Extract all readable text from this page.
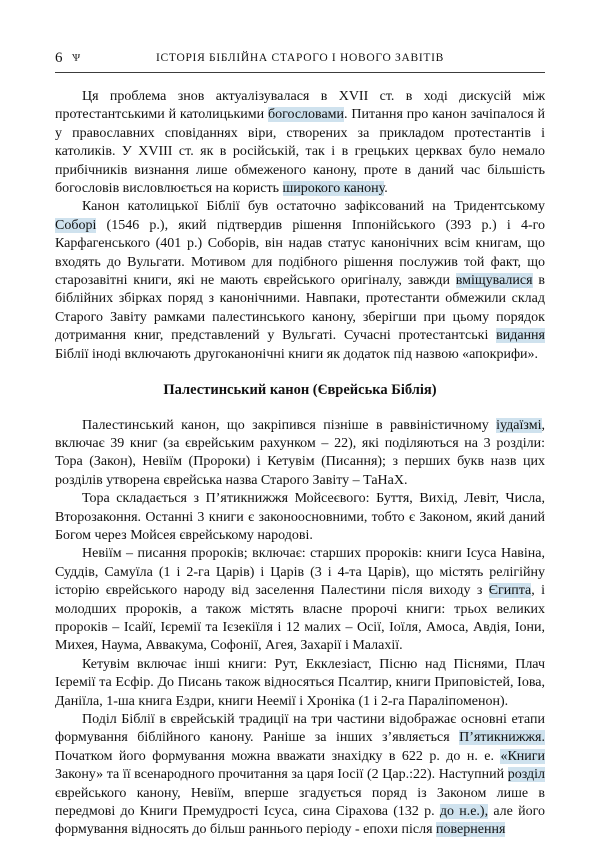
6 Ѱ	ІСТОРІЯ БІБЛІЙНА СТАРОГО І НОВОГО ЗАВІТІВ

Ця проблема знов актуалізувалася в XVII ст. в ході дискусій між протестантськими й католицькими богословами. Питання про канон зачіпалося й у православних сповіданнях віри, створених за прикладом протестантів і католиків. У XVIII ст. як в російській, так і в грецьких церквах було немало прибічників визнання лише обмеженого канону, проте в даний час більшість богословів висловлюється на користь широкого канону.

Канон католицької Біблії був остаточно зафіксований на Тридентському Соборі (1546 р.), який підтвердив рішення Іппонійського (393 р.) і 4-го Карфагенського (401 р.) Соборів, він надав статус канонічних всім книгам, що входять до Вульгати. Мотивом для подібного рішення послужив той факт, що старозавітні книги, які не мають єврейського оригіналу, завжди вміщувалися в біблійних збірках поряд з канонічними. Навпаки, протестанти обмежили склад Старого Завіту рамками палестинського канону, зберігши при цьому порядок дотримання книг, представлений у Вульгаті. Сучасні протестантські видання Біблії іноді включають другоканонічні книги як додаток під назвою «апокрифи».

Палестинський канон (Єврейська Біблія)

Палестинський канон, що закріпився пізніше в раввіністичному іудаїзмі, включає 39 книг (за єврейським рахунком – 22), які поділяються на 3 розділи: Тора (Закон), Невіїм (Пророки) і Кетувім (Писання); з перших букв назв цих розділів утворена єврейська назва Старого Завіту – ТаНаХ.

Тора складається з П’ятикнижжя Мойсеєвого: Буття, Вихід, Левіт, Числа, Второзаконня. Останні 3 книги є законоосновними, тобто є Законом, який даний Богом через Мойсея єврейському народові.

Невіїм – писання пророків; включає: старших пророків: книги Ісуса Навіна, Суддів, Самуїла (1 і 2-га Царів) і Царів (3 і 4-та Царів), що містять релігійну історію єврейського народу від заселення Палестини після виходу з Єгипта, і молодших пророків, а також містять власне пророчі книги: трьох великих пророків – Ісайї, Ієремії та Ієзекіїля і 12 малих – Осії, Іоїля, Амоса, Авдія, Іони, Михея, Наума, Аввакума, Софонії, Агея, Захарії і Малахії.

Кетувім включає інші книги: Рут, Екклезіаст, Пісню над Піснями, Плач Ієремії та Есфір. До Писань також відносяться Псалтир, книги Приповістей, Іова, Даніїла, 1-ша книга Ездри, книги Неемії і Хроніка (1 і 2-га Параліпоменон).

Поділ Біблії в єврейській традиції на три частини відображає основні етапи формування біблійного канону. Раніше за інших з’являється П’ятикнижжя. Початком його формування можна вважати знахідку в 622 р. до н. е. «Книги Закону» та її всенародного прочитання за царя Іосії (2 Цар.:22). Наступний розділ єврейського канону, Невіїм, вперше згадується поряд із Законом лише в передмові до Книги Премудрості Ісуса, сина Сірахова (132 р. до н.е.), але його формування відносять до більш раннього періоду - епохи після повернення
